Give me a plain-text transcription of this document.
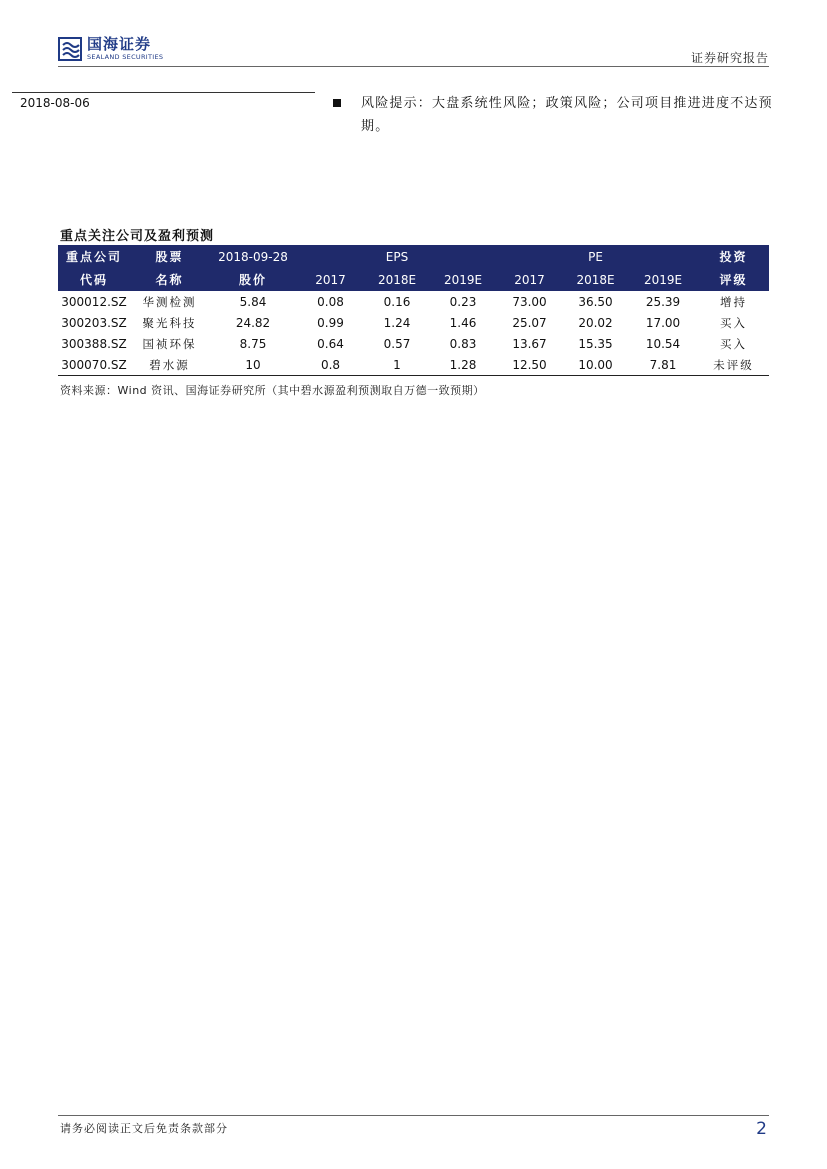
国海证券
SEALAND SECURITIES	证券研究报告
2018-08-06	风险提示：大盘系统性风险；政策风险；公司项目推进进度不达预期。
重点关注公司及盈利预测
重点公司	股票	2018-09-28		EPS			PE		投资
代码	名称	股价	2017	2018E	2019E	2017	2018E	2019E	评级
300012.SZ	华测检测	5.84	0.08	0.16	0.23	73.00	36.50	25.39	增持
300203.SZ	聚光科技	24.82	0.99	1.24	1.46	25.07	20.02	17.00	买入
300388.SZ	国祯环保	8.75	0.64	0.57	0.83	13.67	15.35	10.54	买入
300070.SZ	碧水源	10	0.8	1	1.28	12.50	10.00	7.81	未评级
资料来源：Wind 资讯、国海证券研究所（其中碧水源盈利预测取自万德一致预期）
请务必阅读正文后免责条款部分	2
